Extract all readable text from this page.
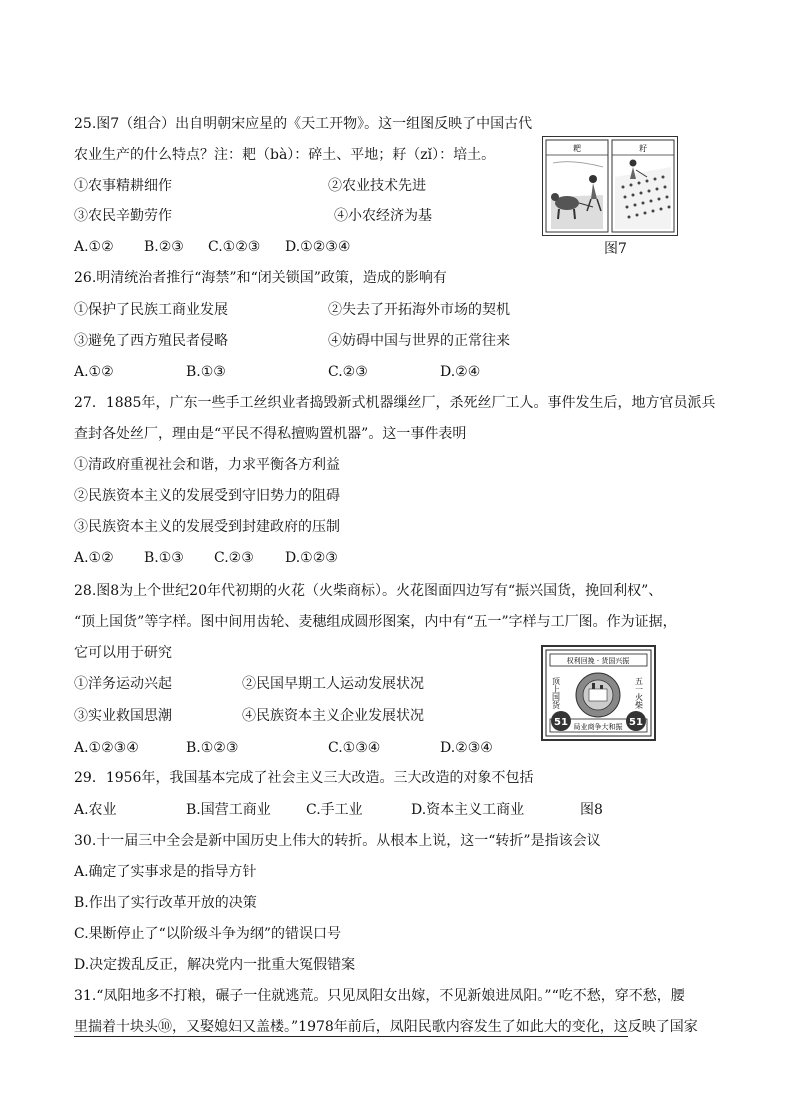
25.图7（组合）出自明朝宋应星的《天工开物》。这一组图反映了中国古代
农业生产的什么特点？注：耙（bà）：碎土、平地；耔（zǐ）：培土。
①农事精耕细作	②农业技术先进
③农民辛勤劳作	④小农经济为基
A.①② B.②③ C.①②③ D.①②③④
耙	耔
图7
26.明清统治者推行“海禁”和“闭关锁国”政策，造成的影响有
①保护了民族工商业发展	②失去了开拓海外市场的契机
③避免了西方殖民者侵略	④妨碍中国与世界的正常往来
A.①②	B.①③	C.②③	D.②④
27．1885年，广东一些手工丝织业者捣毁新式机器缫丝厂，杀死丝厂工人。事件发生后，地方官员派兵
查封各处丝厂，理由是“平民不得私擅购置机器”。这一事件表明
①清政府重视社会和谐，力求平衡各方利益
②民族资本主义的发展受到守旧势力的阻碍
③民族资本主义的发展受到封建政府的压制
A.①② B.①③ C.②③ D.①②③
28.图8为上个世纪20年代初期的火花（火柴商标）。火花图面四边写有“振兴国货，挽回利权”、
“顶上国货”等字样。图中间用齿轮、麦穗组成圆形图案，内中有“五一”字样与工厂图。作为证据，
它可以用于研究
①洋务运动兴起	②民国早期工人运动发展状况
③实业救国思潮	④民族资本主义企业发展状况
A.①②③④	B.①②③	C.①③④	D.②③④
权利回挽 · 货国兴振
顶上国货	五一火柴
51	51
局业商争大和振
29．1956年，我国基本完成了社会主义三大改造。三大改造的对象不包括
A.农业	B.国营工商业	C.手工业	D.资本主义工商业	图8
30.十一届三中全会是新中国历史上伟大的转折。从根本上说，这一“转折”是指该会议
A.确定了实事求是的指导方针
B.作出了实行改革开放的决策
C.果断停止了“以阶级斗争为纲”的错误口号
D.决定拨乱反正，解决党内一批重大冤假错案
31.“凤阳地多不打粮，碾子一住就逃荒。只见凤阳女出嫁，不见新娘进凤阳。”“吃不愁，穿不愁，腰
里揣着十块头⑩，又娶媳妇又盖楼。”1978年前后，凤阳民歌内容发生了如此大的变化，这反映了国家
